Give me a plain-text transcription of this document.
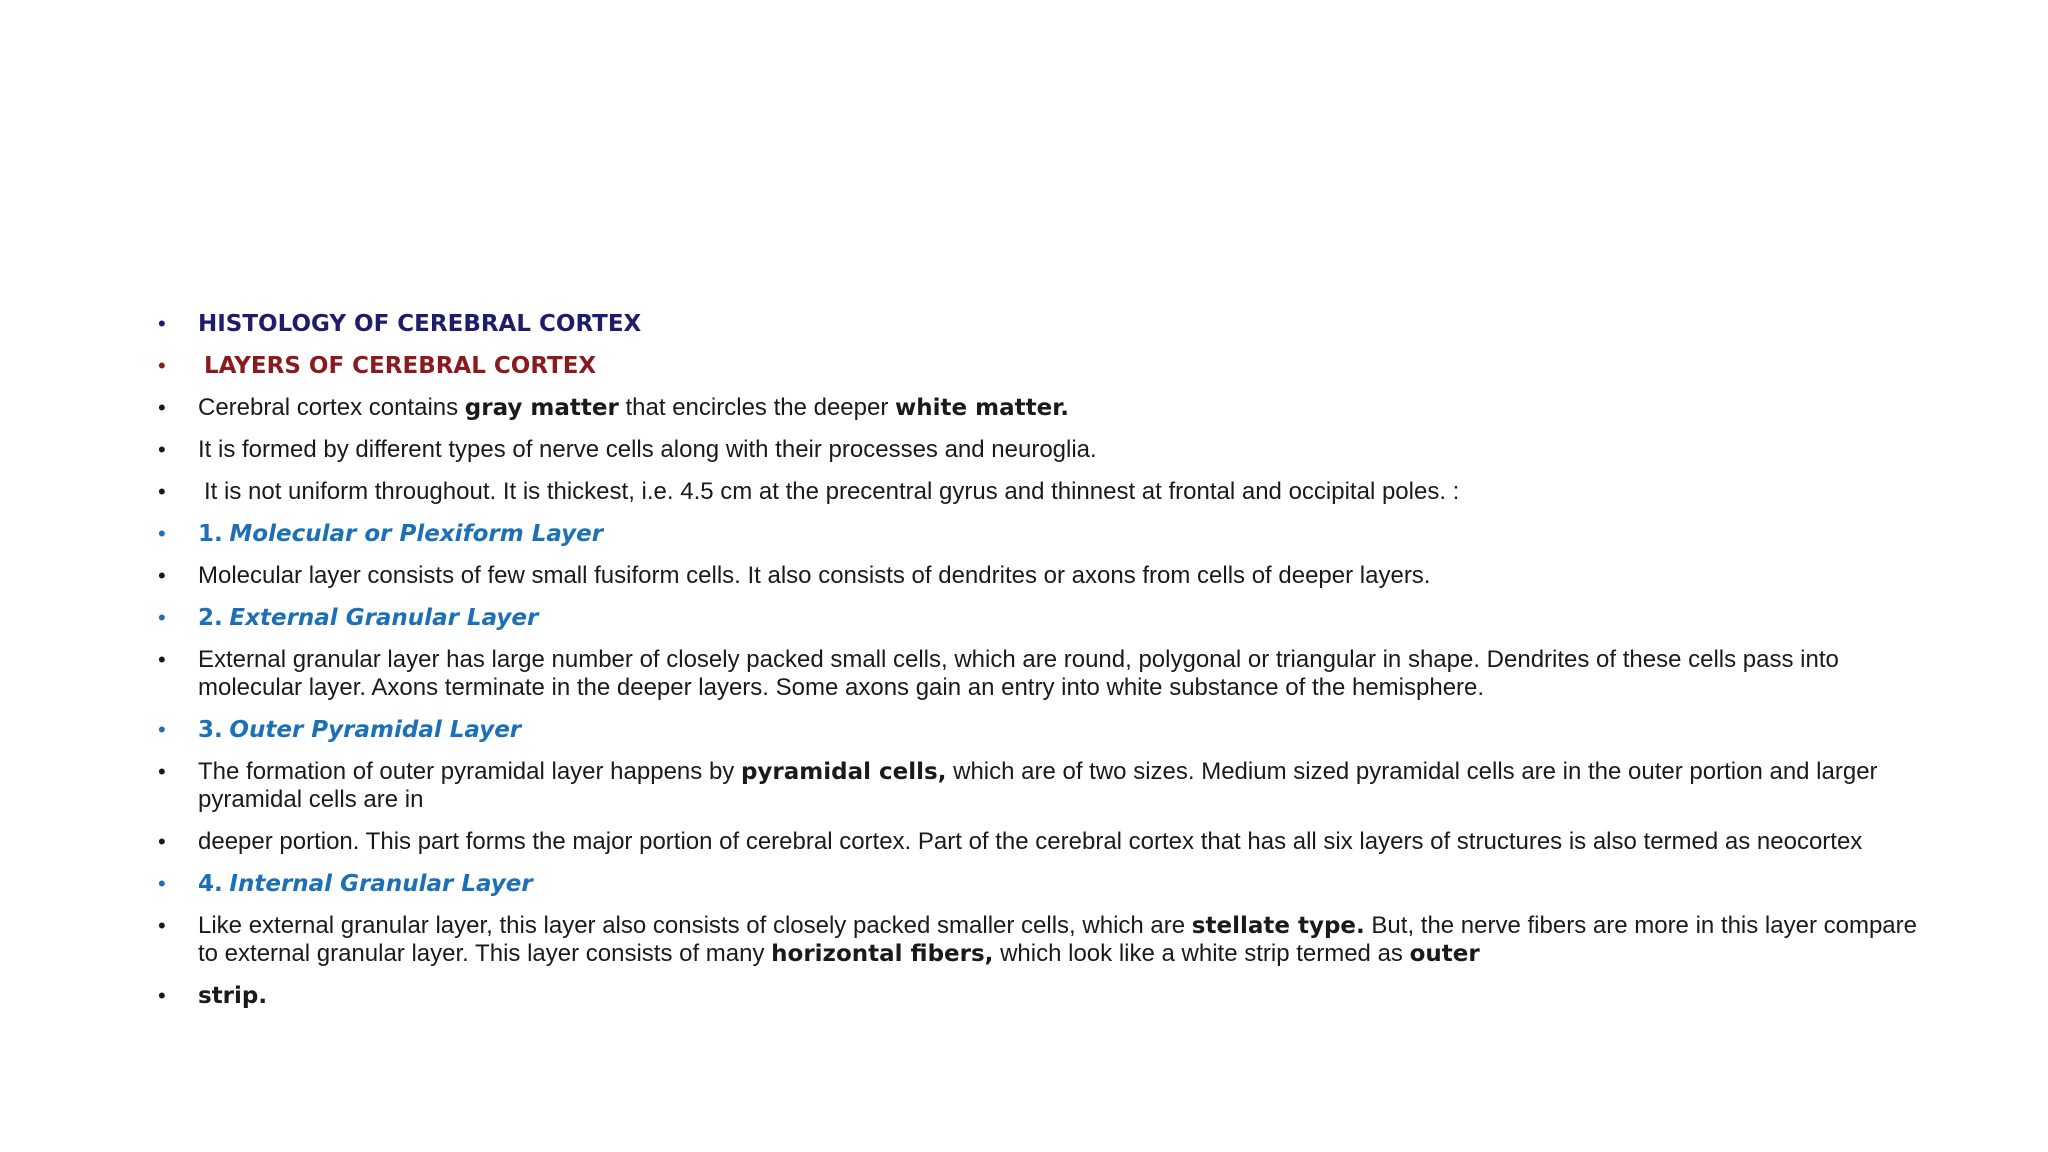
•	HISTOLOGY OF CEREBRAL CORTEX
•	LAYERS OF CEREBRAL CORTEX
•	Cerebral cortex contains gray matter that encircles the deeper white matter.
•	It is formed by different types of nerve cells along with their processes and neuroglia.
•	It is not uniform throughout. It is thickest, i.e. 4.5 cm at the precentral gyrus and thinnest at frontal and occipital poles. :
•	1. Molecular or Plexiform Layer
•	Molecular layer consists of few small fusiform cells. It also consists of dendrites or axons from cells of deeper layers.
•	2. External Granular Layer
•	External granular layer has large number of closely packed small cells, which are round, polygonal or triangular in shape. Dendrites of these cells pass into molecular layer. Axons terminate in the deeper layers. Some axons gain an entry into white substance of the hemisphere.
•	3. Outer Pyramidal Layer
•	The formation of outer pyramidal layer happens by pyramidal cells, which are of two sizes. Medium sized pyramidal cells are in the outer portion and larger pyramidal cells are in
•	deeper portion. This part forms the major portion of cerebral cortex. Part of the cerebral cortex that has all six layers of structures is also termed as neocortex
•	4. Internal Granular Layer
•	Like external granular layer, this layer also consists of closely packed smaller cells, which are stellate type. But, the nerve fibers are more in this layer compare to external granular layer. This layer consists of many horizontal fibers, which look like a white strip termed as outer
•	strip.
